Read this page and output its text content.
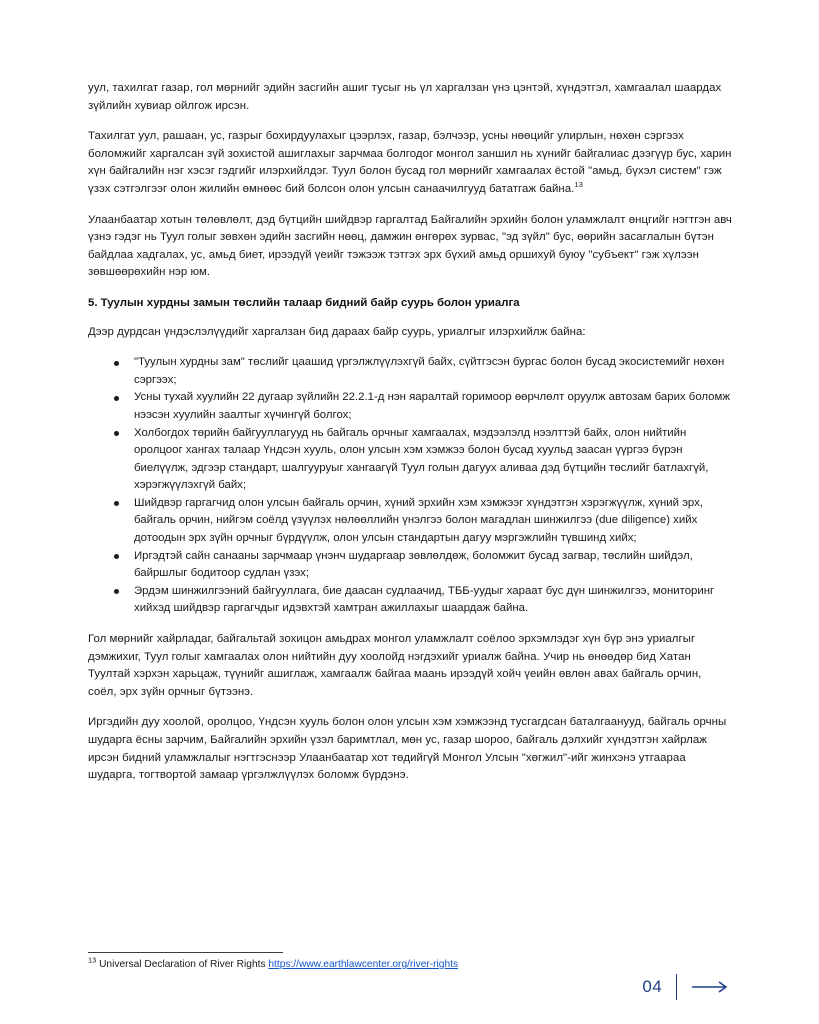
уул, тахилгат газар, гол мөрнийг эдийн засгийн ашиг тусыг нь үл харгалзан үнэ цэнтэй, хүндэтгэл, хамгаалал шаардах зүйлийн хувиар ойлгож ирсэн.

Тахилгат уул, рашаан, ус, газрыг бохирдуулахыг цээрлэх, газар, бэлчээр, усны нөөцийг улирлын, нөхөн сэргээх боломжийг харгалсан зүй зохистой ашиглахыг зарчмаа болгодог монгол заншил нь хүнийг байгалиас дээгүүр бус, харин хүн байгалийн нэг хэсэг гэдгийг илэрхийлдэг. Туул болон бусад гол мөрнийг хамгаалах ёстой "амьд, бүхэл систем" гэж үзэх сэтгэлгээг олон жилийн өмнөөс бий болсон олон улсын санаачилгууд бататгаж байна.$^{13}$

Улаанбаатар хотын төлөвлөлт, дэд бүтцийн шийдвэр гаргалтад Байгалийн эрхийн болон уламжлалт өнцгийг нэгтгэн авч үзнэ гэдэг нь Туул голыг зөвхөн эдийн засгийн нөөц, дамжин өнгөрөх зурвас, "эд зүйл" бус, өөрийн засаглалын бүтэн байдлаа хадгалах, ус, амьд биет, ирээдүй үеийг тэжээж тэтгэх эрх бүхий амьд оршихуй буюу "субъект" гэж хүлээн зөвшөөрөхийн нэр юм.

5. Туулын хурдны замын төслийн талаар бидний байр суурь болон уриалга

Дээр дурдсан үндэслэлүүдийг харгалзан бид дараах байр суурь, уриалгыг илэрхийлж байна:

"Туулын хурдны зам" төслийг цаашид үргэлжлүүлэхгүй байх, сүйтгэсэн бургас болон бусад экосистемийг нөхөн сэргээх;
Усны тухай хуулийн 22 дугаар зүйлийн 22.2.1-д нэн яаралтай горимоор өөрчлөлт оруулж автозам барих боломж нээсэн хуулийн заалтыг хүчингүй болгох;
Холбогдох төрийн байгууллагууд нь байгаль орчныг хамгаалах, мэдээлэлд нээлттэй байх, олон нийтийн оролцоог хангах талаар Үндсэн хууль, олон улсын хэм хэмжээ болон бусад хуульд заасан үүргээ бүрэн биелүүлж, эдгээр стандарт, шалгууруыг хангаагүй Туул голын дагуух аливаа дэд бүтцийн төслийг батлахгүй, хэрэгжүүлэхгүй байх;
Шийдвэр гаргагчид олон улсын байгаль орчин, хүний эрхийн хэм хэмжээг хүндэтгэн хэрэгжүүлж, хүний эрх, байгаль орчин, нийгэм соёлд үзүүлэх нөлөөллийн үнэлгээ болон магадлан шинжилгээ (due diligence) хийх дотоодын эрх зүйн орчныг бүрдүүлж, олон улсын стандартын дагуу мэргэжлийн түвшинд хийх;
Иргэдтэй сайн санааны зарчмаар үнэнч шударгаар зөвлөлдөж, боломжит бусад загвар, төслийн шийдэл, байршлыг бодитоор судлан үзэх;
Эрдэм шинжилгээний байгууллага, бие даасан судлаачид, ТББ-уудыг хараат бус дүн шинжилгээ, мониторинг хийхэд шийдвэр гаргагчдыг идэвхтэй хамтран ажиллахыг шаардаж байна.

Гол мөрнийг хайрладаг, байгальтай зохицон амьдрах монгол уламжлалт соёлоо эрхэмлэдэг хүн бүр энэ уриалгыг дэмжихиг, Туул голыг хамгаалах олон нийтийн дуу хоолойд нэгдэхийг уриалж байна. Учир нь өнөөдөр бид Хатан Туултай хэрхэн харьцаж, түүнийг ашиглаж, хамгаалж байгаа маань ирээдүй хойч үеийн өвлөн авах байгаль орчин, соёл, эрх зүйн орчныг бүтээнэ.

Иргэдийн дуу хоолой, оролцоо, Үндсэн хууль болон олон улсын хэм хэмжээнд тусгагдсан баталгаанууд, байгаль орчны шударга ёсны зарчим, Байгалийн эрхийн үзэл баримтлал, мөн ус, газар шороо, байгаль дэлхийг хүндэтгэн хайрлаж ирсэн бидний уламжлалыг нэгтгэснээр Улаанбаатар хот төдийгүй Монгол Улсын "хөгжил"-ийг жинхэнэ утгаараа шударга, тогтвортой замаар үргэлжлүүлэх боломж бүрдэнэ.

$^{13}$ Universal Declaration of River Rights https://www.earthlawcenter.org/river-rights
04
